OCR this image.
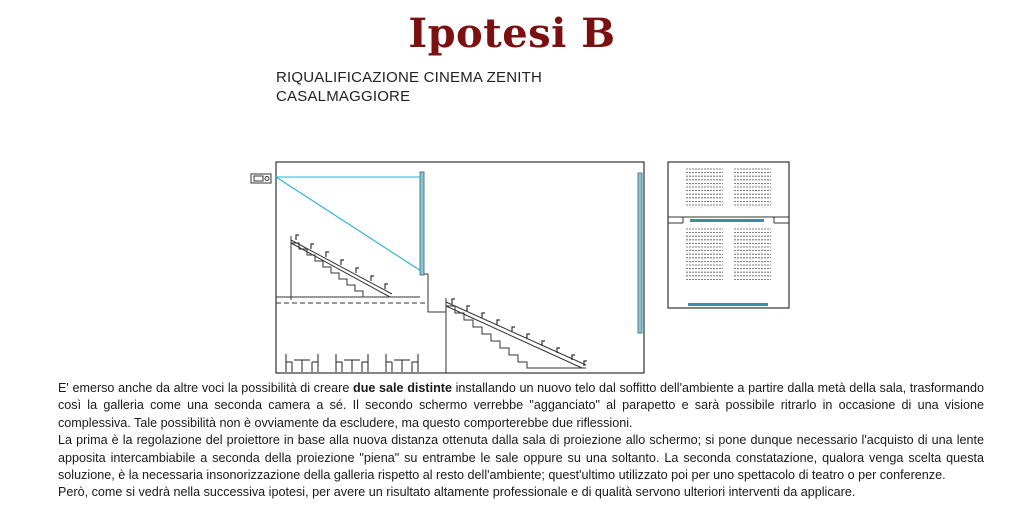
Ipotesi B
RIQUALIFICAZIONE CINEMA ZENITH
CASALMAGGIORE

E' emerso anche da altre voci la possibilità di creare due sale distinte installando un nuovo telo dal soffitto dell'ambiente a partire dalla metà della sala, trasformando così la galleria come una seconda camera a sé. Il secondo schermo verrebbe "agganciato" al parapetto e sarà possibile ritrarlo in occasione di una visione complessiva. Tale possibilità non è ovviamente da escludere, ma questo comporterebbe due riflessioni.

La prima è la regolazione del proiettore in base alla nuova distanza ottenuta dalla sala di proiezione allo schermo; si pone dunque necessario l'acquisto di una lente apposita intercambiabile a seconda della proiezione "piena" su entrambe le sale oppure su una soltanto. La seconda constatazione, qualora venga scelta questa soluzione, è la necessaria insonorizzazione della galleria rispetto al resto dell'ambiente; quest'ultimo utilizzato poi per uno spettacolo di teatro o per conferenze.

Però, come si vedrà nella successiva ipotesi, per avere un risultato altamente professionale e di qualità servono ulteriori interventi da applicare.
